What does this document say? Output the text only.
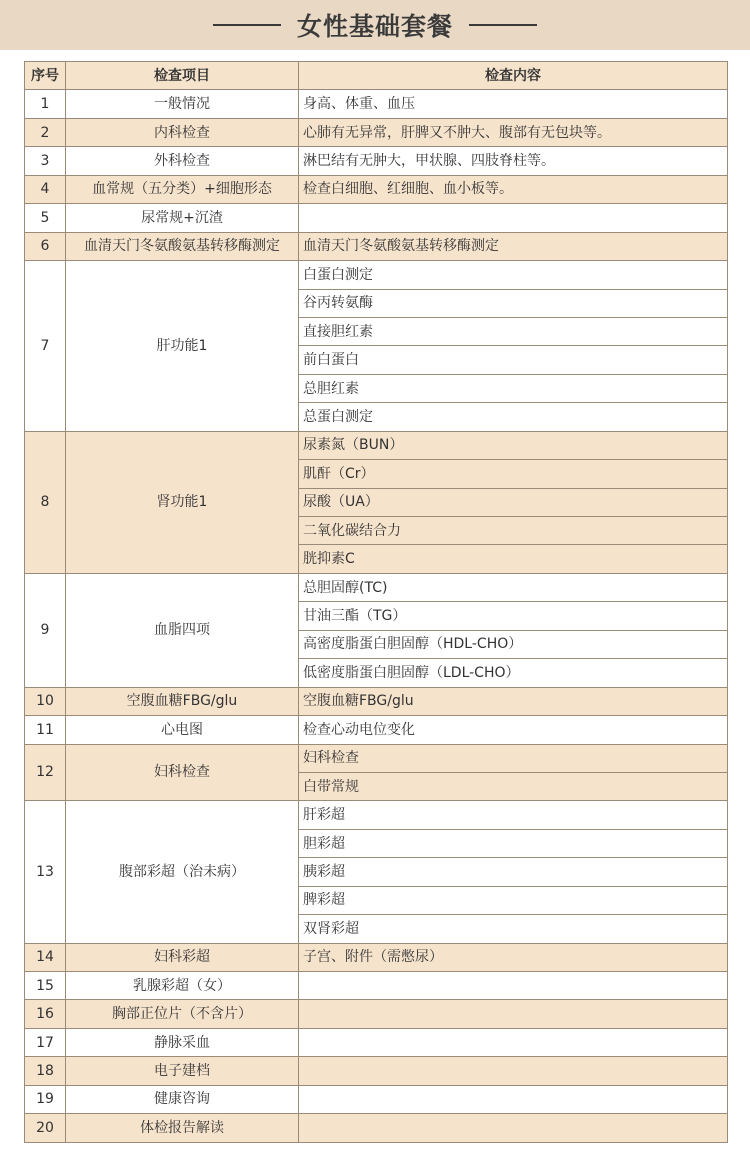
女性基础套餐
序号	检查项目	检查内容
1	一般情况	身高、体重、血压
2	内科检查	心肺有无异常，肝脾又不肿大、腹部有无包块等。
3	外科检查	淋巴结有无肿大，甲状腺、四肢脊柱等。
4	血常规（五分类）+细胞形态	检查白细胞、红细胞、血小板等。
5	尿常规+沉渣	
6	血清天门冬氨酸氨基转移酶测定	血清天门冬氨酸氨基转移酶测定
7	肝功能1	白蛋白测定
		谷丙转氨酶
		直接胆红素
		前白蛋白
		总胆红素
		总蛋白测定
8	肾功能1	尿素氮（BUN）
		肌酐（Cr）
		尿酸（UA）
		二氧化碳结合力
		胱抑素C
9	血脂四项	总胆固醇(TC)
		甘油三酯（TG）
		高密度脂蛋白胆固醇（HDL-CHO）
		低密度脂蛋白胆固醇（LDL-CHO）
10	空腹血糖FBG/glu	空腹血糖FBG/glu
11	心电图	检查心动电位变化
12	妇科检查	妇科检查
		白带常规
13	腹部彩超（治未病）	肝彩超
		胆彩超
		胰彩超
		脾彩超
		双肾彩超
14	妇科彩超	子宫、附件（需憋尿）
15	乳腺彩超（女）	
16	胸部正位片（不含片）	
17	静脉采血	
18	电子建档	
19	健康咨询	
20	体检报告解读	
